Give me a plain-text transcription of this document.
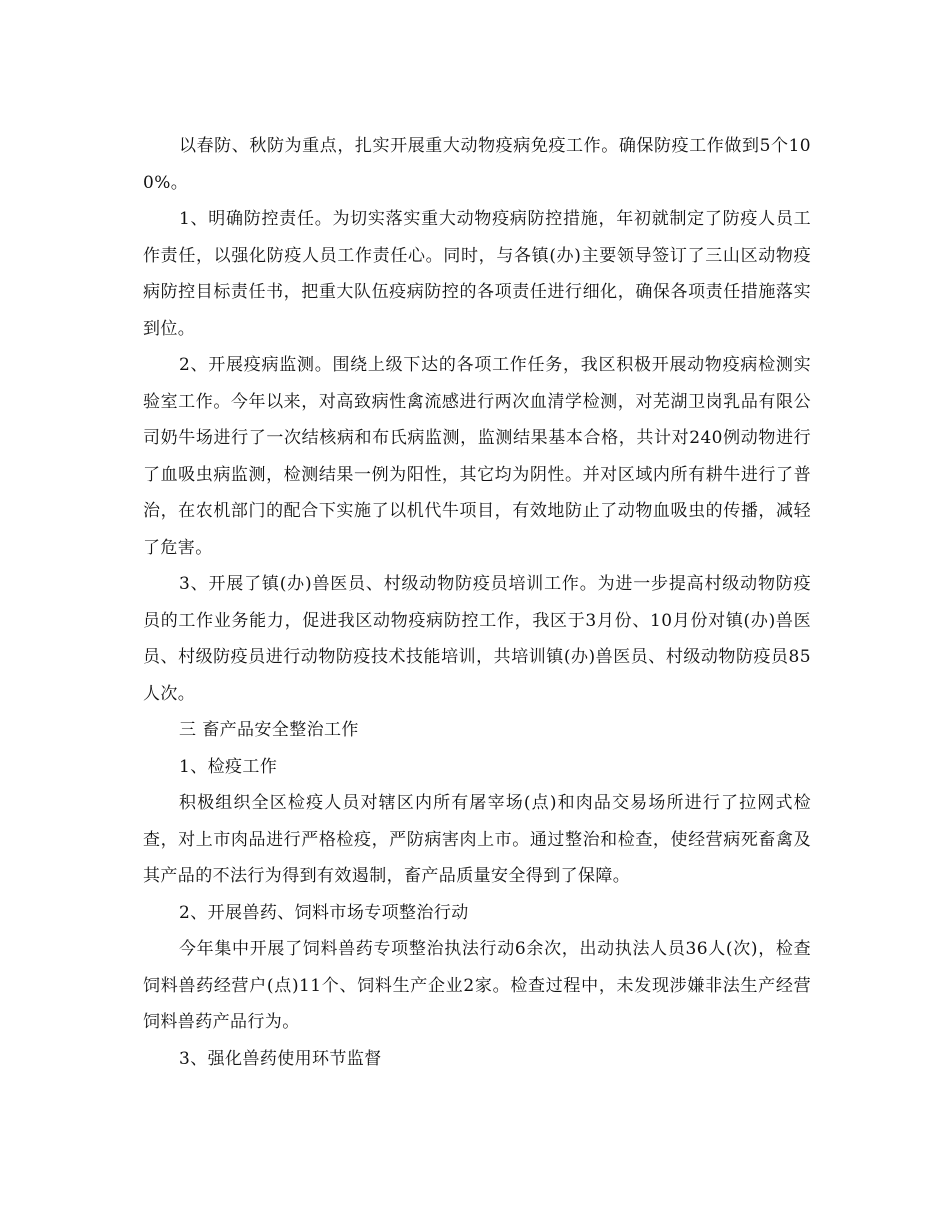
以春防、秋防为重点，扎实开展重大动物疫病免疫工作。确保防疫工作做到5个100%。

1、明确防控责任。为切实落实重大动物疫病防控措施，年初就制定了防疫人员工作责任，以强化防疫人员工作责任心。同时，与各镇(办)主要领导签订了三山区动物疫病防控目标责任书，把重大队伍疫病防控的各项责任进行细化，确保各项责任措施落实到位。

2、开展疫病监测。围绕上级下达的各项工作任务，我区积极开展动物疫病检测实验室工作。今年以来，对高致病性禽流感进行两次血清学检测，对芜湖卫岗乳品有限公司奶牛场进行了一次结核病和布氏病监测，监测结果基本合格，共计对240例动物进行了血吸虫病监测，检测结果一例为阳性，其它均为阴性。并对区域内所有耕牛进行了普治，在农机部门的配合下实施了以机代牛项目，有效地防止了动物血吸虫的传播，减轻了危害。

3、开展了镇(办)兽医员、村级动物防疫员培训工作。为进一步提高村级动物防疫员的工作业务能力，促进我区动物疫病防控工作，我区于3月份、10月份对镇(办)兽医员、村级防疫员进行动物防疫技术技能培训，共培训镇(办)兽医员、村级动物防疫员85人次。

三 畜产品安全整治工作

1、检疫工作

积极组织全区检疫人员对辖区内所有屠宰场(点)和肉品交易场所进行了拉网式检查，对上市肉品进行严格检疫，严防病害肉上市。通过整治和检查，使经营病死畜禽及其产品的不法行为得到有效遏制，畜产品质量安全得到了保障。

2、开展兽药、饲料市场专项整治行动

今年集中开展了饲料兽药专项整治执法行动6余次，出动执法人员36人(次)，检查饲料兽药经营户(点)11个、饲料生产企业2家。检查过程中，未发现涉嫌非法生产经营饲料兽药产品行为。

3、强化兽药使用环节监督
